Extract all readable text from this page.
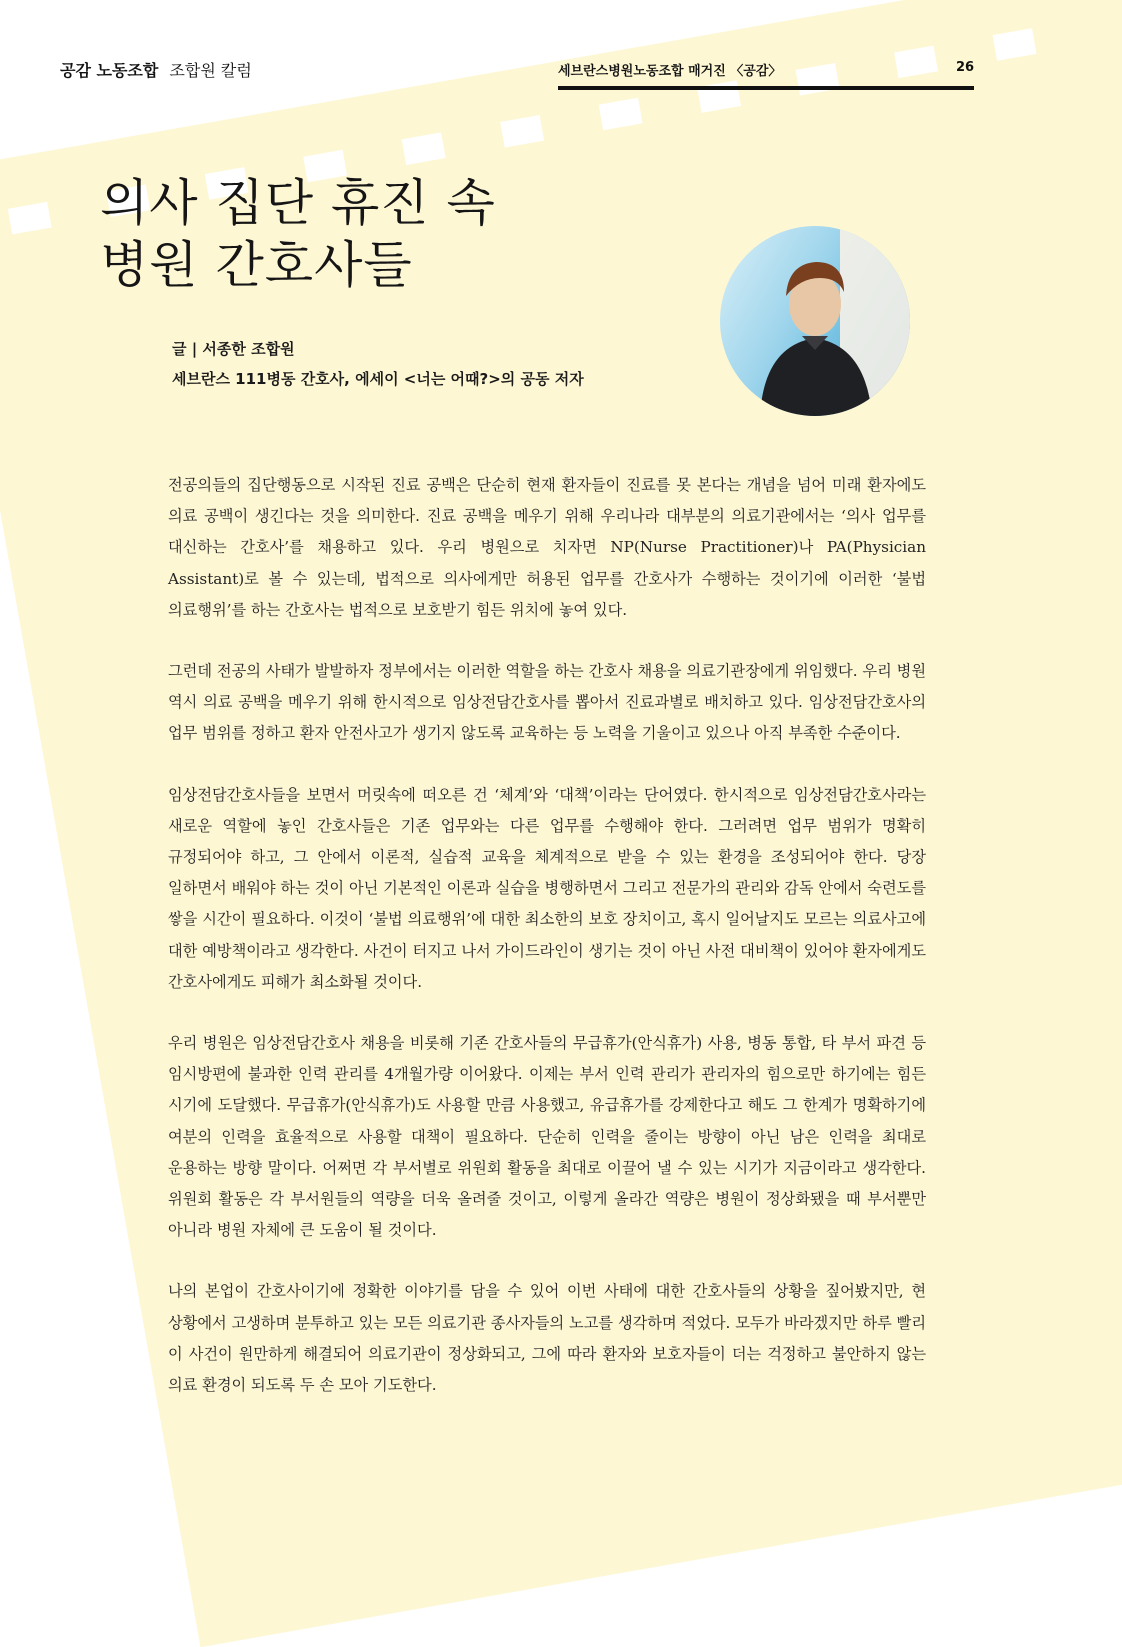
공감 노동조합 조합원 칼럼	세브란스병원노동조합 매거진 〈공감〉	26
의사 집단 휴진 속
병원 간호사들
글 | 서종한 조합원
세브란스 111병동 간호사, 에세이 <너는 어때?>의 공동 저자

전공의들의 집단행동으로 시작된 진료 공백은 단순히 현재 환자들이 진료를 못 본다는 개념을 넘어 미래 환자에도 의료 공백이 생긴다는 것을 의미한다. 진료 공백을 메우기 위해 우리나라 대부분의 의료기관에서는 ‘의사 업무를 대신하는 간호사’를 채용하고 있다. 우리 병원으로 치자면 NP(Nurse Practitioner)나 PA(Physician Assistant)로 볼 수 있는데, 법적으로 의사에게만 허용된 업무를 간호사가 수행하는 것이기에 이러한 ‘불법 의료행위’를 하는 간호사는 법적으로 보호받기 힘든 위치에 놓여 있다.

그런데 전공의 사태가 발발하자 정부에서는 이러한 역할을 하는 간호사 채용을 의료기관장에게 위임했다. 우리 병원 역시 의료 공백을 메우기 위해 한시적으로 임상전담간호사를 뽑아서 진료과별로 배치하고 있다. 임상전담간호사의 업무 범위를 정하고 환자 안전사고가 생기지 않도록 교육하는 등 노력을 기울이고 있으나 아직 부족한 수준이다.

임상전담간호사들을 보면서 머릿속에 떠오른 건 ‘체계’와 ‘대책’이라는 단어였다. 한시적으로 임상전담간호사라는 새로운 역할에 놓인 간호사들은 기존 업무와는 다른 업무를 수행해야 한다. 그러려면 업무 범위가 명확히 규정되어야 하고, 그 안에서 이론적, 실습적 교육을 체계적으로 받을 수 있는 환경을 조성되어야 한다. 당장 일하면서 배워야 하는 것이 아닌 기본적인 이론과 실습을 병행하면서 그리고 전문가의 관리와 감독 안에서 숙련도를 쌓을 시간이 필요하다. 이것이 ‘불법 의료행위’에 대한 최소한의 보호 장치이고, 혹시 일어날지도 모르는 의료사고에 대한 예방책이라고 생각한다. 사건이 터지고 나서 가이드라인이 생기는 것이 아닌 사전 대비책이 있어야 환자에게도 간호사에게도 피해가 최소화될 것이다.

우리 병원은 임상전담간호사 채용을 비롯해 기존 간호사들의 무급휴가(안식휴가) 사용, 병동 통합, 타 부서 파견 등 임시방편에 불과한 인력 관리를 4개월가량 이어왔다. 이제는 부서 인력 관리가 관리자의 힘으로만 하기에는 힘든 시기에 도달했다. 무급휴가(안식휴가)도 사용할 만큼 사용했고, 유급휴가를 강제한다고 해도 그 한계가 명확하기에 여분의 인력을 효율적으로 사용할 대책이 필요하다. 단순히 인력을 줄이는 방향이 아닌 남은 인력을 최대로 운용하는 방향 말이다. 어쩌면 각 부서별로 위원회 활동을 최대로 이끌어 낼 수 있는 시기가 지금이라고 생각한다. 위원회 활동은 각 부서원들의 역량을 더욱 올려줄 것이고, 이렇게 올라간 역량은 병원이 정상화됐을 때 부서뿐만 아니라 병원 자체에 큰 도움이 될 것이다.

나의 본업이 간호사이기에 정확한 이야기를 담을 수 있어 이번 사태에 대한 간호사들의 상황을 짚어봤지만, 현 상황에서 고생하며 분투하고 있는 모든 의료기관 종사자들의 노고를 생각하며 적었다. 모두가 바라겠지만 하루 빨리 이 사건이 원만하게 해결되어 의료기관이 정상화되고, 그에 따라 환자와 보호자들이 더는 걱정하고 불안하지 않는 의료 환경이 되도록 두 손 모아 기도한다.
